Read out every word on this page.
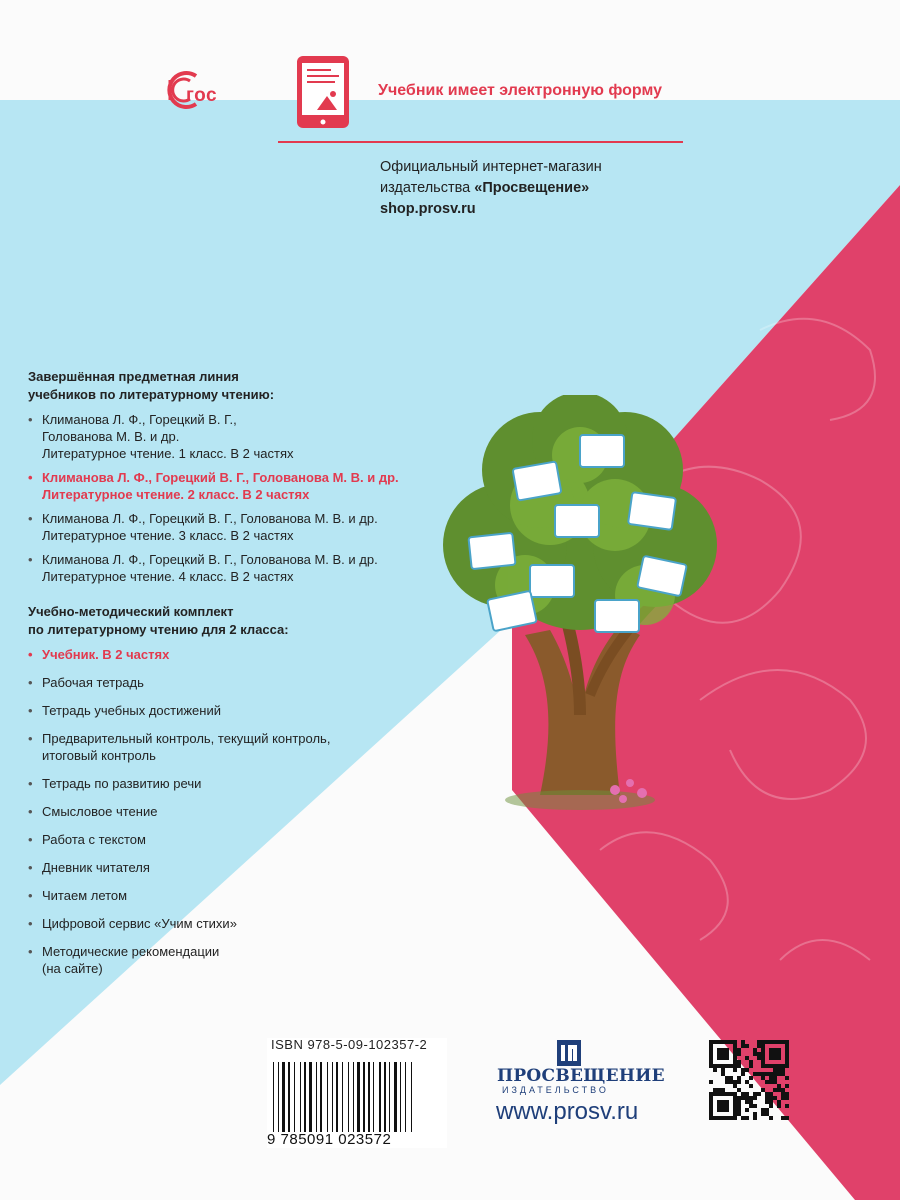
гос	Учебник имеет электронную форму
Официальный интернет-магазин
издательства «Просвещение»
shop.prosv.ru
Завершённая предметная линия
учебников по литературному чтению:
• Климанова Л. Ф., Горецкий В. Г.,
Голованова М. В. и др.
Литературное чтение. 1 класс. В 2 частях
• Климанова Л. Ф., Горецкий В. Г., Голованова М. В. и др.
Литературное чтение. 2 класс. В 2 частях
• Климанова Л. Ф., Горецкий В. Г., Голованова М. В. и др.
Литературное чтение. 3 класс. В 2 частях
• Климанова Л. Ф., Горецкий В. Г., Голованова М. В. и др.
Литературное чтение. 4 класс. В 2 частях
Учебно-методический комплект
по литературному чтению для 2 класса:
• Учебник. В 2 частях
• Рабочая тетрадь
• Тетрадь учебных достижений
• Предварительный контроль, текущий контроль,
итоговый контроль
• Тетрадь по развитию речи
• Смысловое чтение
• Работа с текстом
• Дневник читателя
• Читаем летом
• Цифровой сервис «Учим стихи»
• Методические рекомендации
(на сайте)
ISBN 978-5-09-102357-2
9 785091 023572
ПРОСВЕЩЕНИЕ
ИЗДАТЕЛЬСТВО
www.prosv.ru
